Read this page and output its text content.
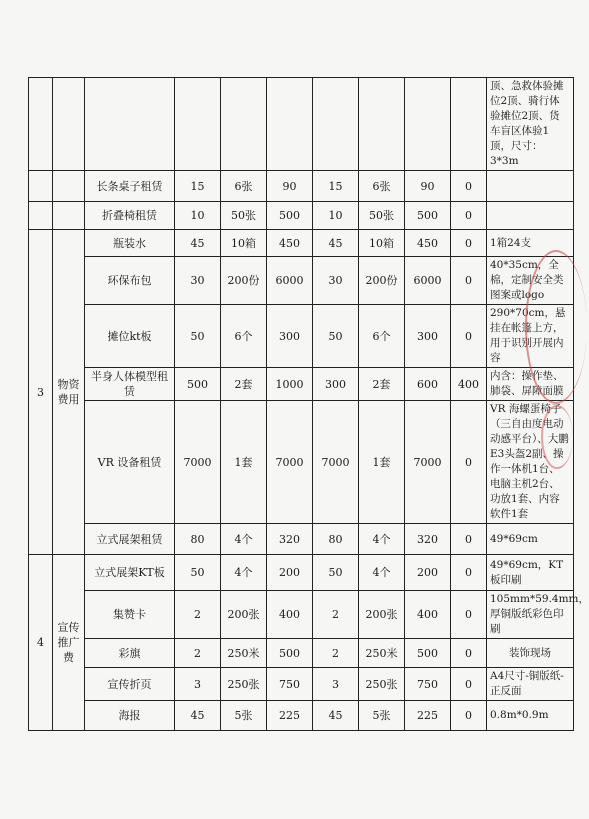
										顶、急救体验摊位2顶、骑行体验摊位2顶、货车盲区体验1顶，尺寸：3*3m
		长条桌子租赁	15	6张	90	15	6张	90	0	
		折叠椅租赁	10	50张	500	10	50张	500	0	
3	物资费用	瓶装水	45	10箱	450	45	10箱	450	0	1箱24支
		环保布包	30	200份	6000	30	200份	6000	0	40*35cm，全棉，定制安全类图案或logo
		摊位kt板	50	6个	300	50	6个	300	0	290*70cm，悬挂在帐篷上方，用于识别开展内容
		半身人体模型租赁	500	2套	1000	300	2套	600	400	内含：操作垫、肺袋、屏障面膜
		VR 设备租赁	7000	1套	7000	7000	1套	7000	0	VR 海螺蛋椅子（三自由度电动动感平台）、大鹏E3头盔2副、操作一体机1台、电脑主机2台、功放1套、内容软件1套
		立式展架租赁	80	4个	320	80	4个	320	0	49*69cm
4	宣传推广费	立式展架KT板	50	4个	200	50	4个	200	0	49*69cm，KT板印刷
		集赞卡	2	200张	400	2	200张	400	0	105mm*59.4mm，厚铜版纸彩色印刷
		彩旗	2	250米	500	2	250米	500	0	装饰现场
		宣传折页	3	250张	750	3	250张	750	0	A4尺寸-铜版纸-正反面
		海报	45	5张	225	45	5张	225	0	0.8m*0.9m
